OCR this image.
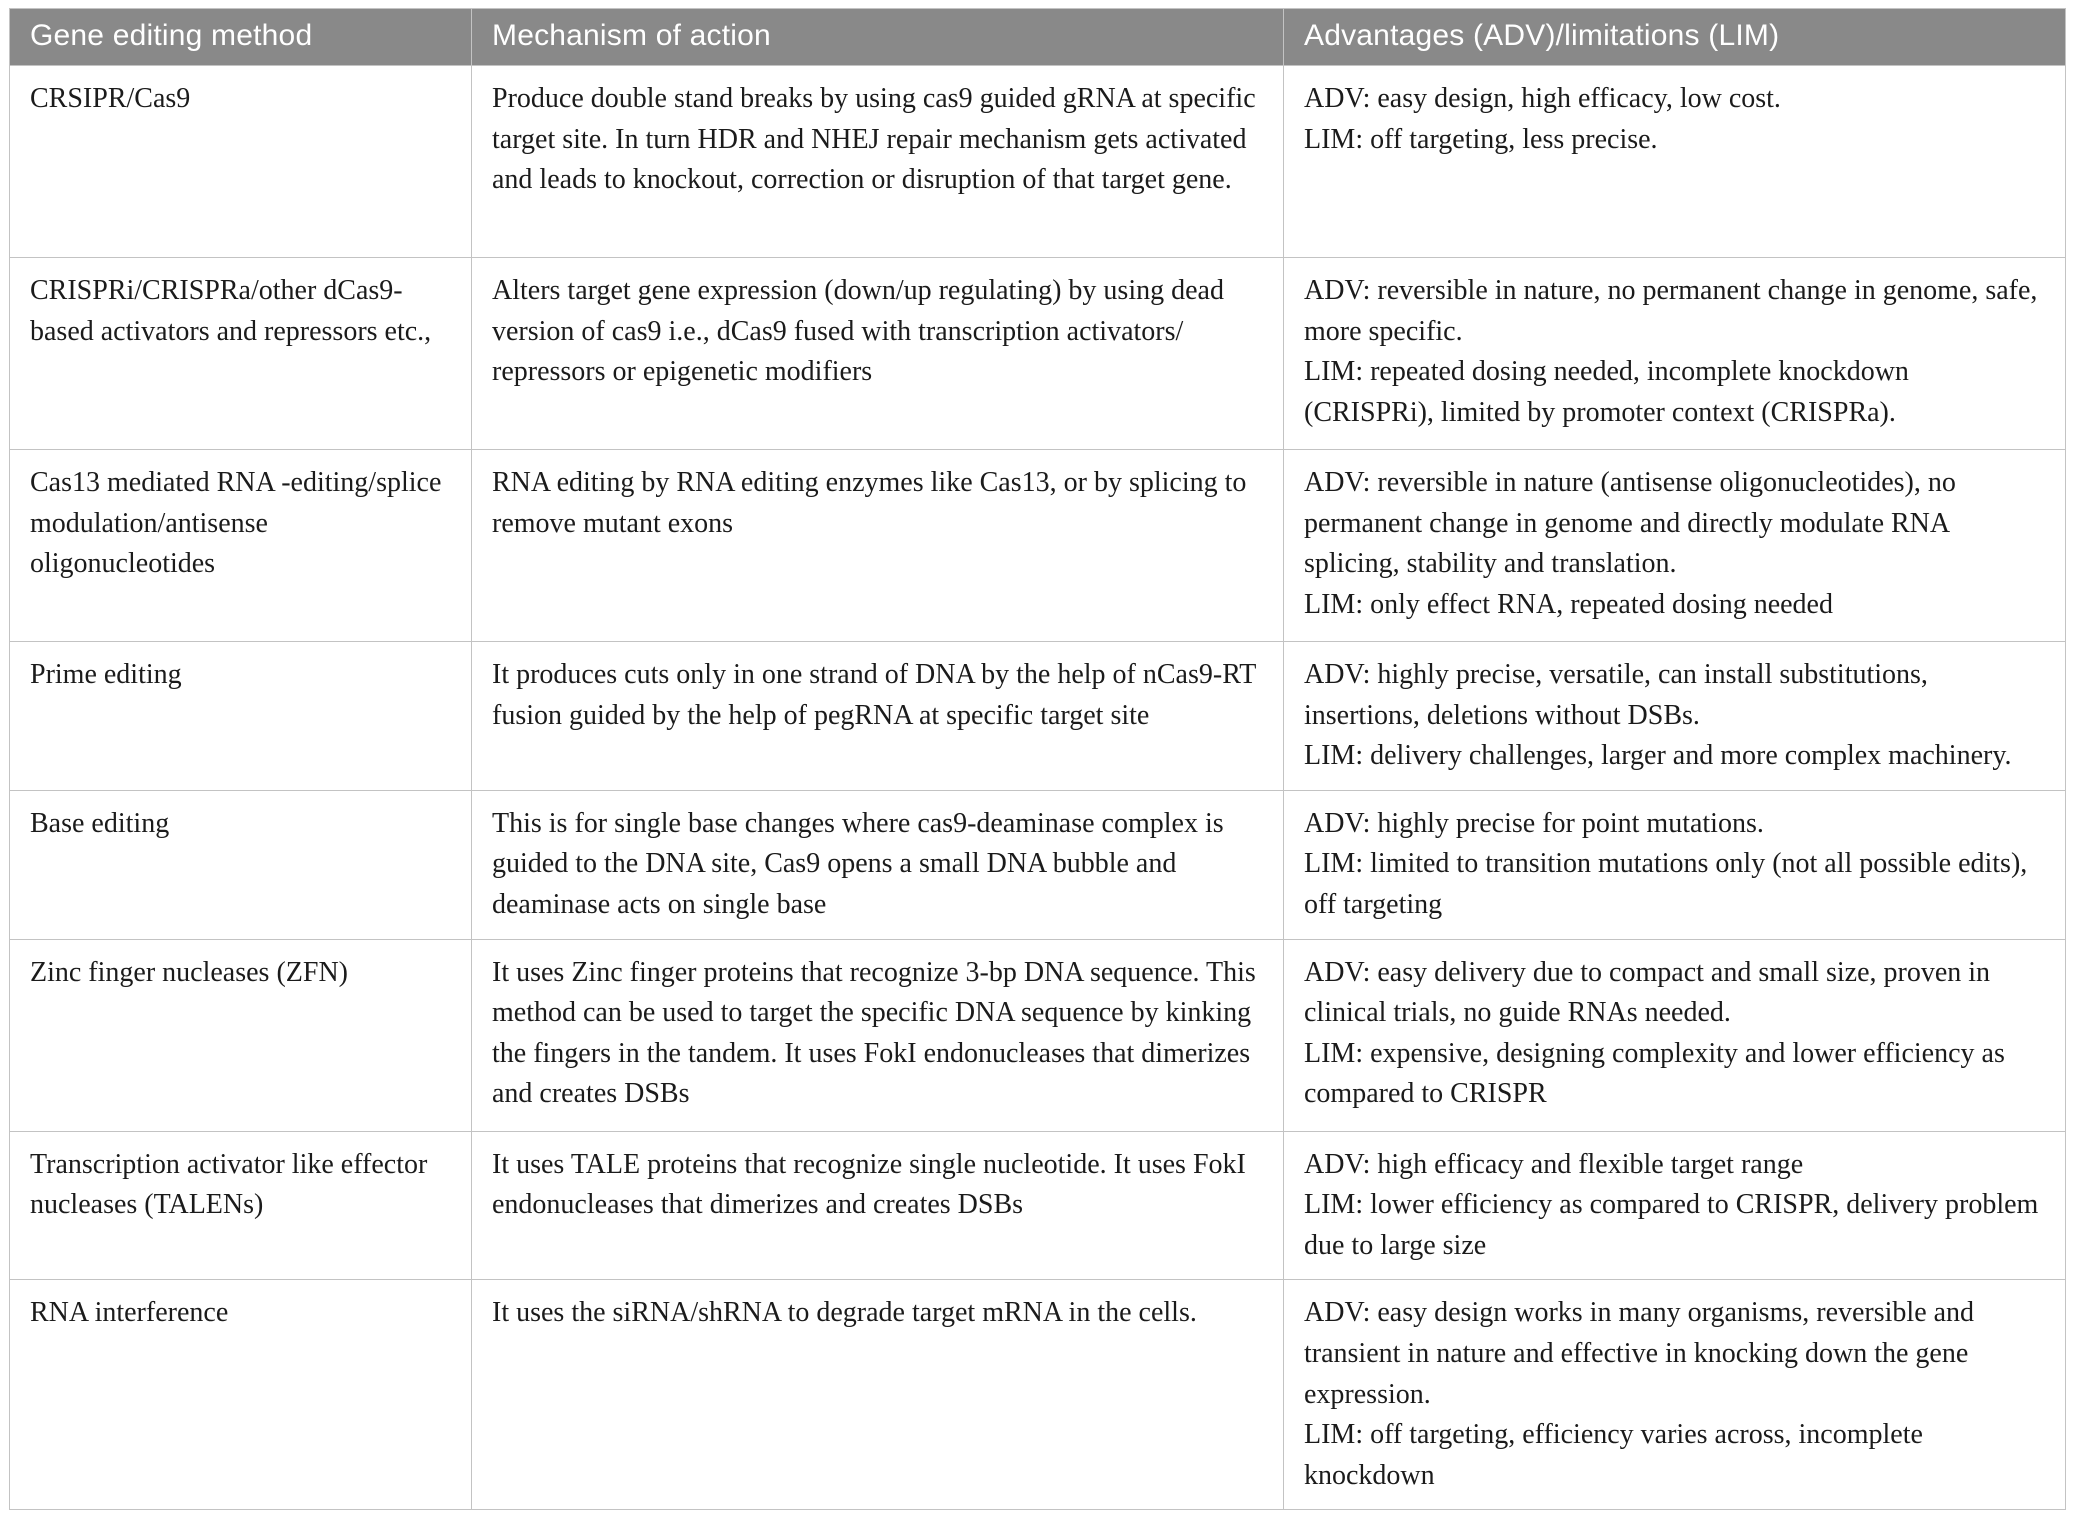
Gene editing method	Mechanism of action	Advantages (ADV)/limitations (LIM)
CRSIPR/Cas9	Produce double stand breaks by using cas9 guided gRNA at specific target site. In turn HDR and NHEJ repair mechanism gets activated and leads to knockout, correction or disruption of that target gene.	ADV: easy design, high efficacy, low cost.
LIM: off targeting, less precise.

CRISPRi/CRISPRa/other dCas9-based activators and repressors etc.,	Alters target gene expression (down/up regulating) by using dead version of cas9 i.e., dCas9 fused with transcription activators/ repressors or epigenetic modifiers	ADV: reversible in nature, no permanent change in genome, safe, more specific.
LIM: repeated dosing needed, incomplete knockdown (CRISPRi), limited by promoter context (CRISPRa).

Cas13 mediated RNA -editing/splice modulation/antisense oligonucleotides	RNA editing by RNA editing enzymes like Cas13, or by splicing to remove mutant exons	ADV: reversible in nature (antisense oligonucleotides), no permanent change in genome and directly modulate RNA splicing, stability and translation.
LIM: only effect RNA, repeated dosing needed

Prime editing	It produces cuts only in one strand of DNA by the help of nCas9-RT fusion guided by the help of pegRNA at specific target site	ADV: highly precise, versatile, can install substitutions, insertions, deletions without DSBs.
LIM: delivery challenges, larger and more complex machinery.

Base editing	This is for single base changes where cas9-deaminase complex is guided to the DNA site, Cas9 opens a small DNA bubble and deaminase acts on single base	ADV: highly precise for point mutations.
LIM: limited to transition mutations only (not all possible edits), off targeting

Zinc finger nucleases (ZFN)	It uses Zinc finger proteins that recognize 3-bp DNA sequence. This method can be used to target the specific DNA sequence by kinking the fingers in the tandem. It uses FokI endonucleases that dimerizes and creates DSBs	ADV: easy delivery due to compact and small size, proven in clinical trials, no guide RNAs needed.
LIM: expensive, designing complexity and lower efficiency as compared to CRISPR

Transcription activator like effector nucleases (TALENs)	It uses TALE proteins that recognize single nucleotide. It uses FokI endonucleases that dimerizes and creates DSBs	ADV: high efficacy and flexible target range
LIM: lower efficiency as compared to CRISPR, delivery problem due to large size

RNA interference	It uses the siRNA/shRNA to degrade target mRNA in the cells.	ADV: easy design works in many organisms, reversible and transient in nature and effective in knocking down the gene expression.
LIM: off targeting, efficiency varies across, incomplete knockdown
